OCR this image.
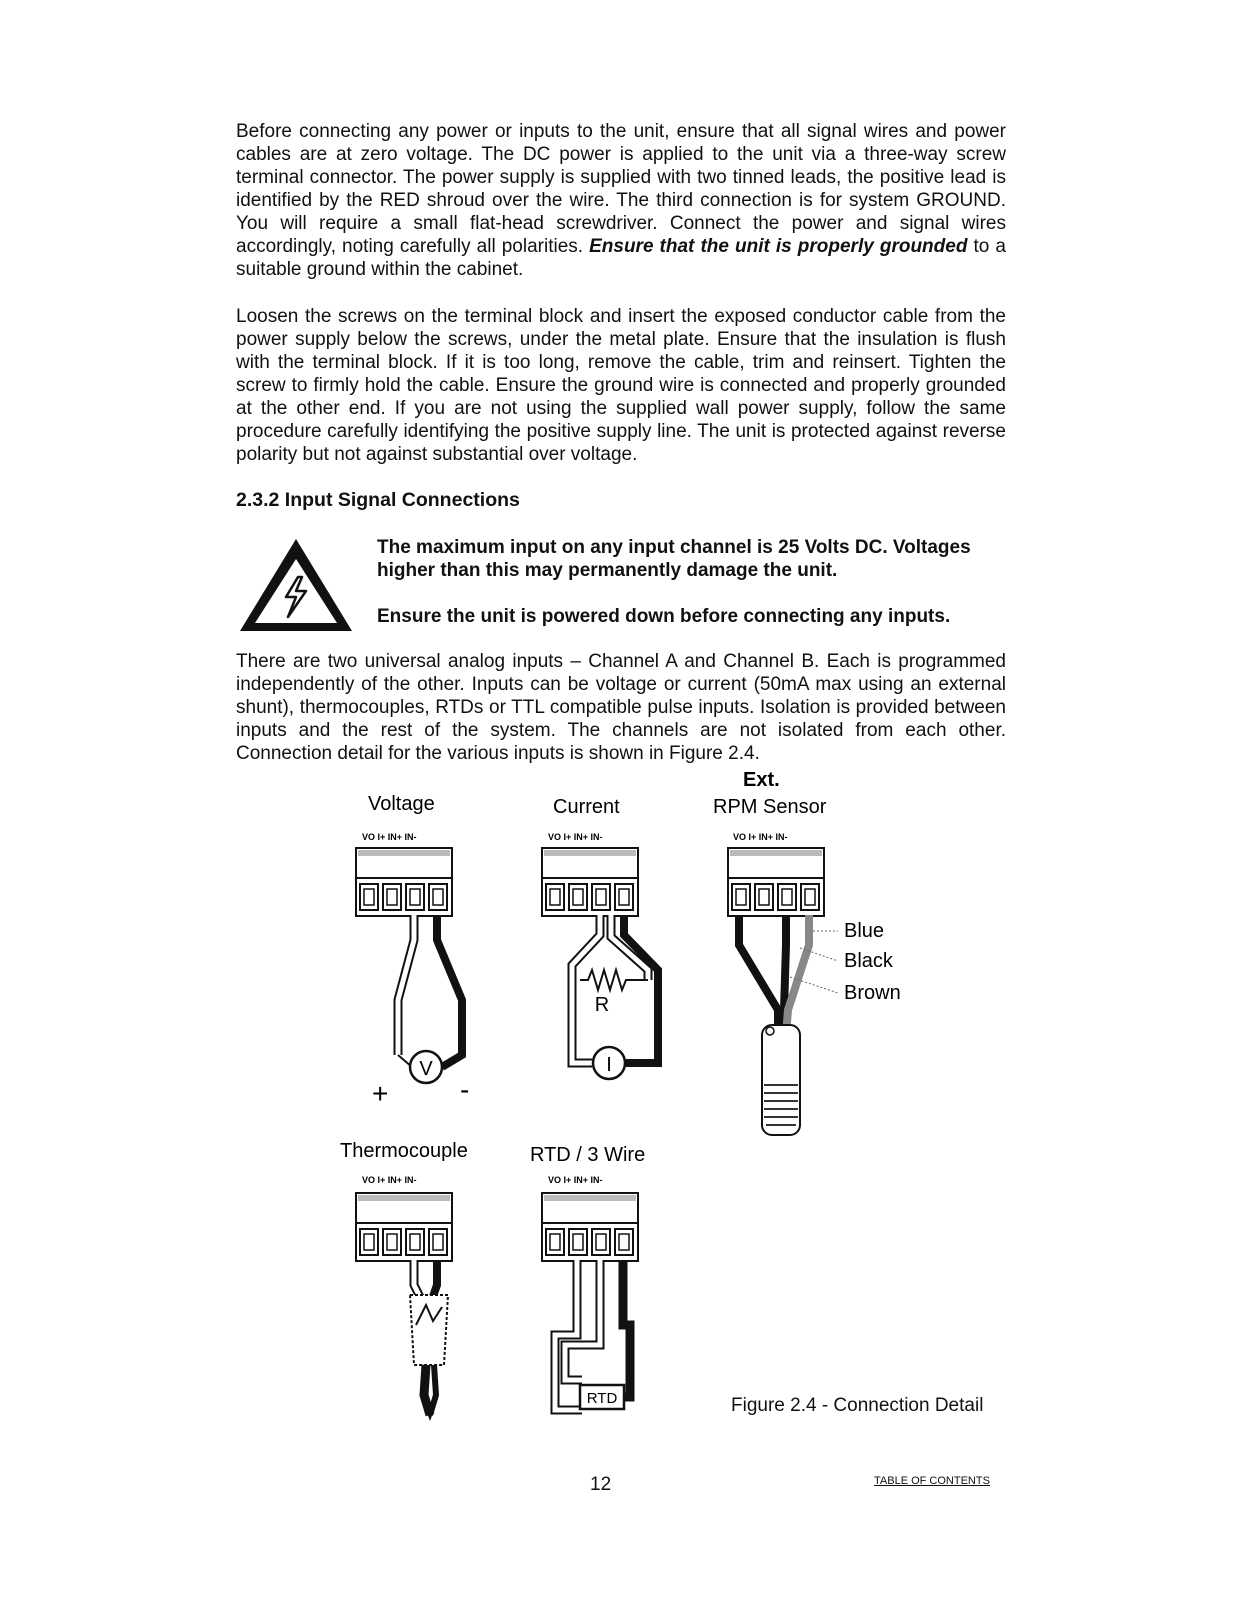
Before connecting any power or inputs to the unit, ensure that all signal wires and power cables are at zero voltage. The DC power is applied to the unit via a three-way screw terminal connector. The power supply is supplied with two tinned leads, the positive lead is identified by the RED shroud over the wire. The third connection is for system GROUND. You will require a small flat-head screwdriver. Connect the power and signal wires accordingly, noting carefully all polarities. Ensure that the unit is properly grounded to a suitable ground within the cabinet.

Loosen the screws on the terminal block and insert the exposed conductor cable from the power supply below the screws, under the metal plate. Ensure that the insulation is flush with the terminal block. If it is too long, remove the cable, trim and reinsert. Tighten the screw to firmly hold the cable. Ensure the ground wire is connected and properly grounded at the other end. If you are not using the supplied wall power supply, follow the same procedure carefully identifying the positive supply line. The unit is protected against reverse polarity but not against substantial over voltage.

2.3.2 Input Signal Connections

The maximum input on any input channel is 25 Volts DC. Voltages higher than this may permanently damage the unit.

Ensure the unit is powered down before connecting any inputs.

There are two universal analog inputs – Channel A and Channel B. Each is programmed independently of the other. Inputs can be voltage or current (50mA max using an external shunt), thermocouples, RTDs or TTL compatible pulse inputs. Isolation is provided between inputs and the rest of the system. The channels are not isolated from each other. Connection detail for the various inputs is shown in Figure 2.4.

Voltage
VO I+ IN+ IN-
V
+	-
Current
VO I+ IN+ IN-
R
I
Ext.
RPM Sensor
VO I+ IN+ IN-
Blue
Black
Brown
Thermocouple
VO I+ IN+ IN-
RTD / 3 Wire
VO I+ IN+ IN-
RTD	Figure 2.4 - Connection Detail

12	TABLE OF CONTENTS
